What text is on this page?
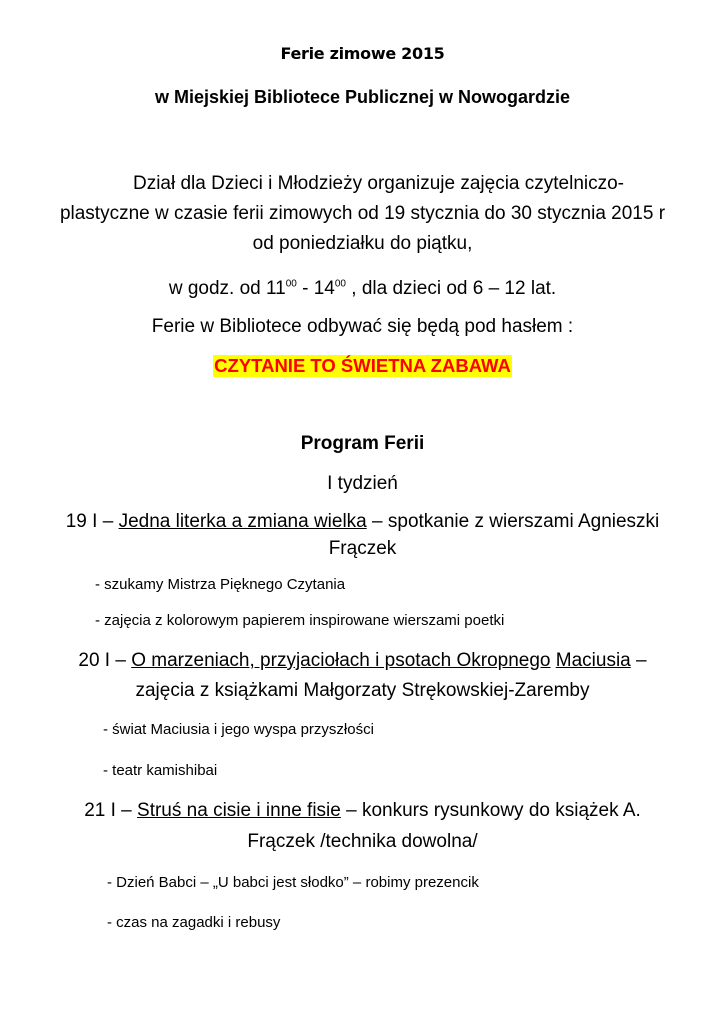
Ferie zimowe 2015
w Miejskiej Bibliotece Publicznej w Nowogardzie
Dział dla Dzieci i Młodzieży organizuje zajęcia czytelniczo-
plastyczne w czasie ferii zimowych od 19 stycznia do 30 stycznia 2015 r
od poniedziałku do piątku,
w godz. od $11^{00} - 14^{00}$ , dla dzieci od 6 – 12 lat.
Ferie w Bibliotece odbywać się będą pod hasłem :
CZYTANIE TO ŚWIETNA ZABAWA
Program Ferii
I tydzień
19 I – Jedna literka a zmiana wielka – spotkanie z wierszami Agnieszki
Frączek
- szukamy Mistrza Pięknego Czytania
- zajęcia z kolorowym papierem inspirowane wierszami poetki
20 I – O marzeniach, przyjaciołach i psotach Okropnego Maciusia –
zajęcia z książkami Małgorzaty Strękowskiej-Zaremby
- świat Maciusia i jego wyspa przyszłości
- teatr kamishibai
21 I – Struś na cisie i inne fisie – konkurs rysunkowy do książek A.
Frączek /technika dowolna/
- Dzień Babci – „U babci jest słodko” – robimy prezencik
- czas na zagadki i rebusy
